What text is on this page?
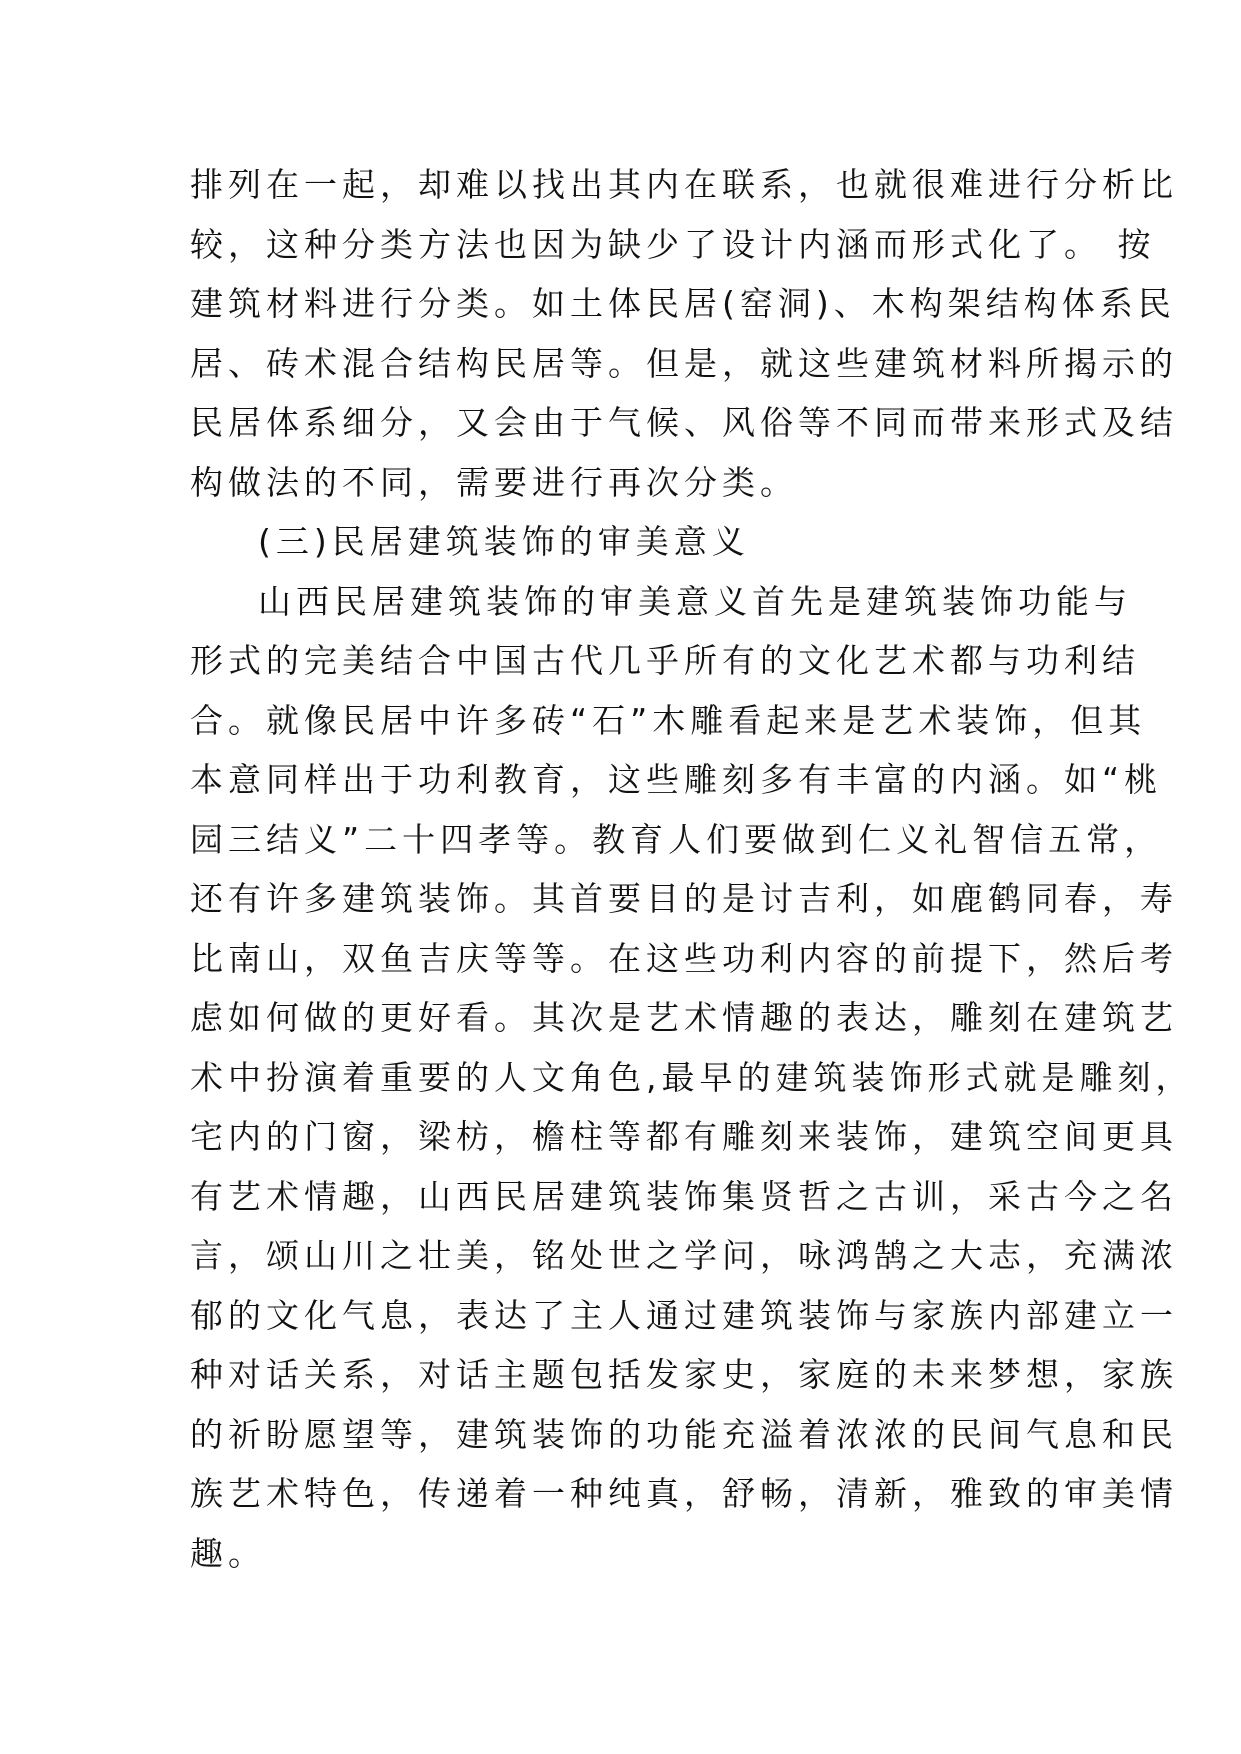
排列在一起，却难以找出其内在联系，也就很难进行分析比
较，这种分类方法也因为缺少了设计内涵而形式化了。 按
建筑材料进行分类。如土体民居(窑洞)、木构架结构体系民
居、砖术混合结构民居等。但是，就这些建筑材料所揭示的
民居体系细分，又会由于气候、风俗等不同而带来形式及结
构做法的不同，需要进行再次分类。
(三)民居建筑装饰的审美意义
山西民居建筑装饰的审美意义首先是建筑装饰功能与
形式的完美结合中国古代几乎所有的文化艺术都与功利结
合。就像民居中许多砖“石”木雕看起来是艺术装饰，但其
本意同样出于功利教育，这些雕刻多有丰富的内涵。如“桃
园三结义”二十四孝等。教育人们要做到仁义礼智信五常，
还有许多建筑装饰。其首要目的是讨吉利，如鹿鹤同春，寿
比南山，双鱼吉庆等等。在这些功利内容的前提下，然后考
虑如何做的更好看。其次是艺术情趣的表达，雕刻在建筑艺
术中扮演着重要的人文角色,最早的建筑装饰形式就是雕刻，
宅内的门窗，梁枋，檐柱等都有雕刻来装饰，建筑空间更具
有艺术情趣，山西民居建筑装饰集贤哲之古训，采古今之名
言，颂山川之壮美，铭处世之学问，咏鸿鹄之大志，充满浓
郁的文化气息，表达了主人通过建筑装饰与家族内部建立一
种对话关系，对话主题包括发家史，家庭的未来梦想，家族
的祈盼愿望等，建筑装饰的功能充溢着浓浓的民间气息和民
族艺术特色，传递着一种纯真，舒畅，清新，雅致的审美情
趣。
